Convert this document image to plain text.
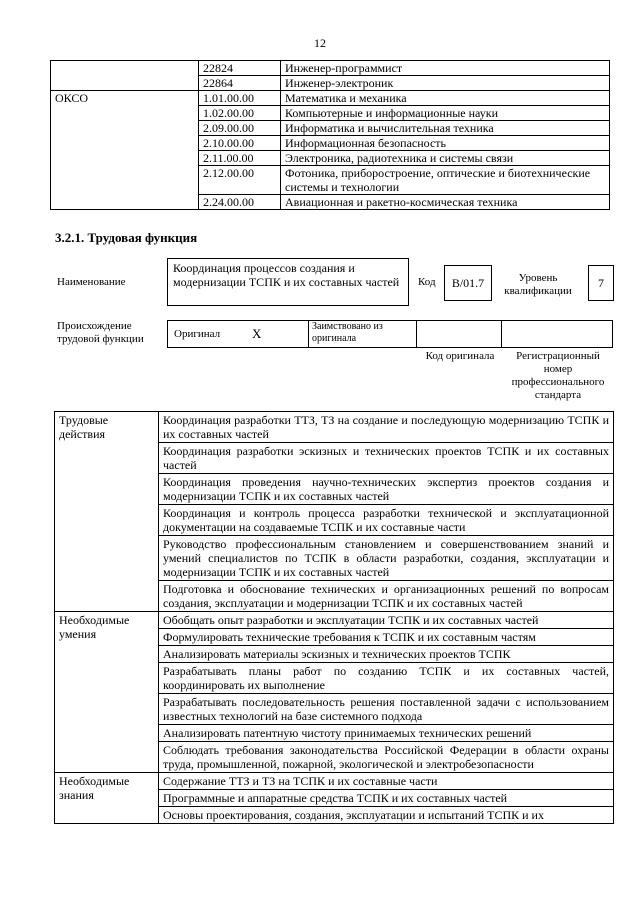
12
	22824	Инженер-программист
	22864	Инженер-электроник
ОКСО	1.01.00.00	Математика и механика
	1.02.00.00	Компьютерные и информационные науки
	2.09.00.00	Информатика и вычислительная техника
	2.10.00.00	Информационная безопасность
	2.11.00.00	Электроника, радиотехника и системы связи
	2.12.00.00	Фотоника, приборостроение, оптические и биотехнические системы и технологии
	2.24.00.00	Авиационная и ракетно-космическая техника
3.2.1. Трудовая функция
Наименование
Координация процессов создания и модернизации ТСПК и их составных частей	Код	B/01.7	Уровень квалификации
7
Происхождение трудовой функции	Оригинал X	Заимствовано из оригинала
Код оригинала	Регистрационный номер профессионального стандарта
Трудовые действия	Координация разработки ТТЗ, ТЗ на создание и последующую модернизацию ТСПК и их составных частей
	Координация разработки эскизных и технических проектов ТСПК и их составных частей
	Координация проведения научно-технических экспертиз проектов создания и модернизации ТСПК и их составных частей
	Координация и контроль процесса разработки технической и эксплуатационной документации на создаваемые ТСПК и их составные части
	Руководство профессиональным становлением и совершенствованием знаний и умений специалистов по ТСПК в области разработки, создания, эксплуатации и модернизации ТСПК и их составных частей
	Подготовка и обоснование технических и организационных решений по вопросам создания, эксплуатации и модернизации ТСПК и их составных частей
Необходимые умения	Обобщать опыт разработки и эксплуатации ТСПК и их составных частей
	Формулировать технические требования к ТСПК и их составным частям
	Анализировать материалы эскизных и технических проектов ТСПК
	Разрабатывать планы работ по созданию ТСПК и их составных частей, координировать их выполнение
	Разрабатывать последовательность решения поставленной задачи с использованием известных технологий на базе системного подхода
	Анализировать патентную чистоту принимаемых технических решений
	Соблюдать требования законодательства Российской Федерации в области охраны труда, промышленной, пожарной, экологической и электробезопасности
Необходимые знания	Содержание ТТЗ и ТЗ на ТСПК и их составные части
	Программные и аппаратные средства ТСПК и их составных частей
	Основы проектирования, создания, эксплуатации и испытаний ТСПК и их
